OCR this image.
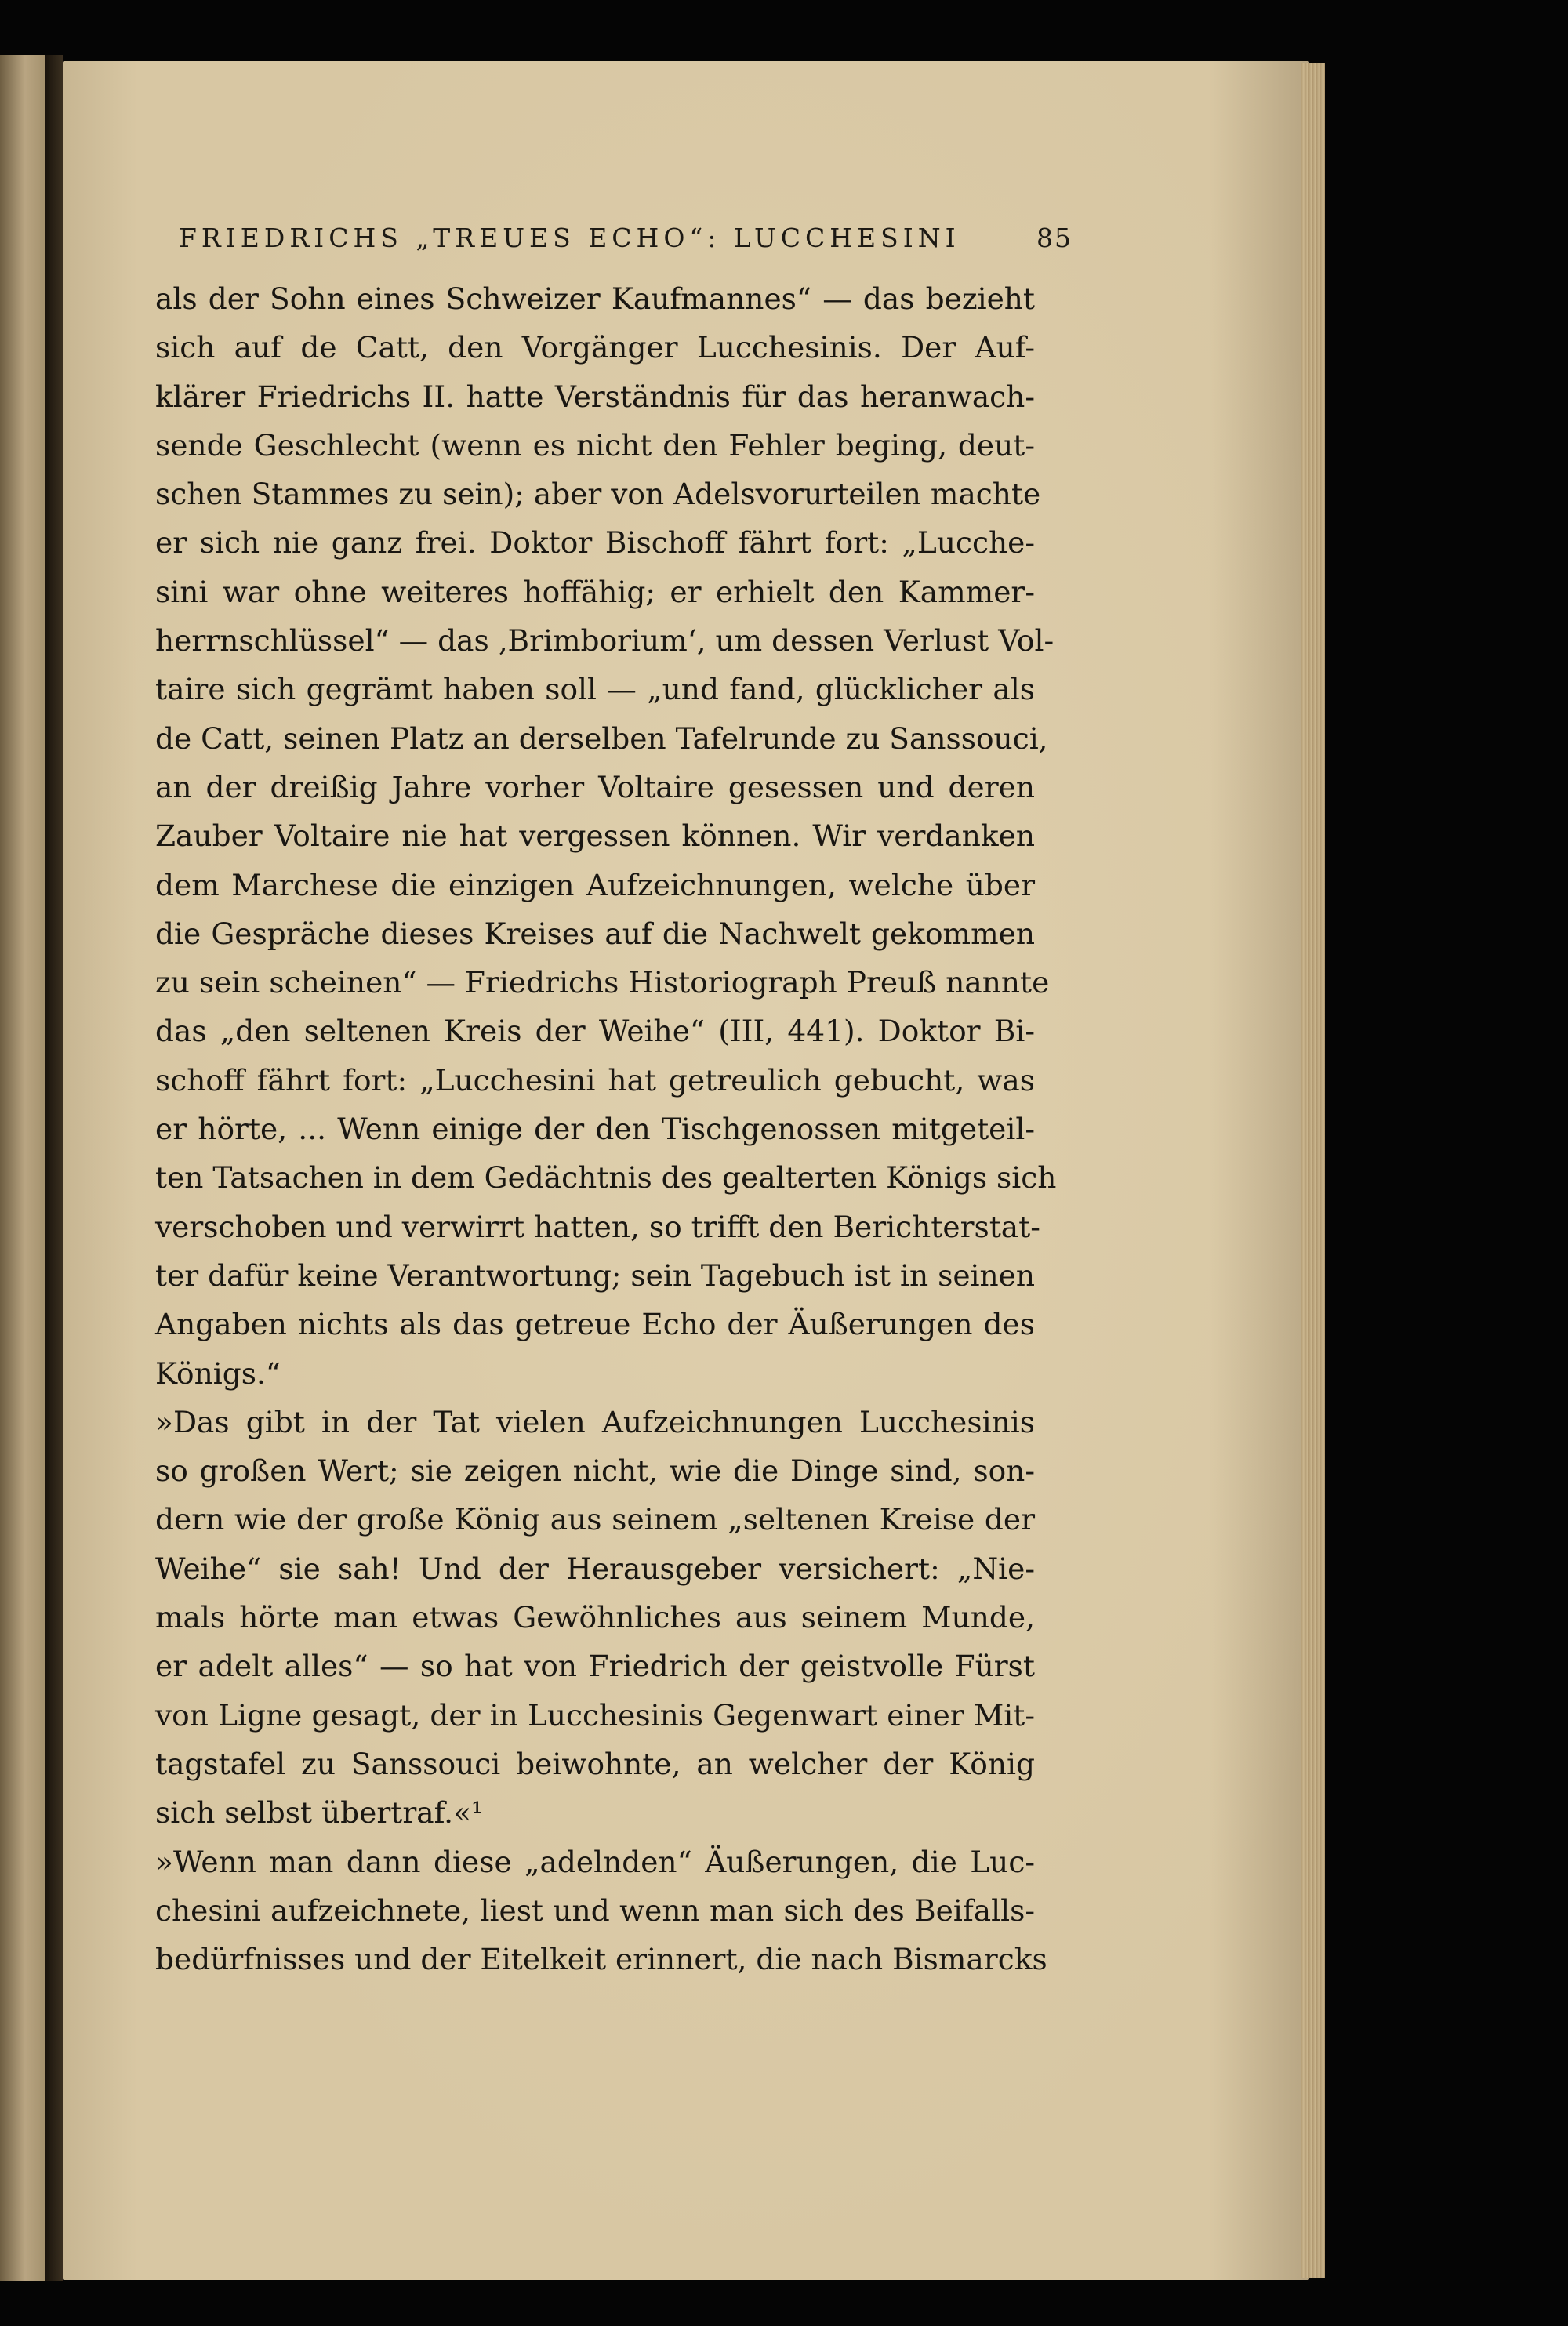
FRIEDRICHS „TREUES ECHO“: LUCCHESINI	85
als der Sohn eines Schweizer Kaufmannes“ — das bezieht
sich auf de Catt, den Vorgänger Lucchesinis. Der Auf-
klärer Friedrichs II. hatte Verständnis für das heranwach-
sende Geschlecht (wenn es nicht den Fehler beging, deut-
schen Stammes zu sein); aber von Adelsvorurteilen machte
er sich nie ganz frei. Doktor Bischoff fährt fort: „Lucche-
sini war ohne weiteres hoffähig; er erhielt den Kammer-
herrnschlüssel“ — das ‚Brimborium‘, um dessen Verlust Vol-
taire sich gegrämt haben soll — „und fand, glücklicher als
de Catt, seinen Platz an derselben Tafelrunde zu Sanssouci,
an der dreißig Jahre vorher Voltaire gesessen und deren
Zauber Voltaire nie hat vergessen können. Wir verdanken
dem Marchese die einzigen Aufzeichnungen, welche über
die Gespräche dieses Kreises auf die Nachwelt gekommen
zu sein scheinen“ — Friedrichs Historiograph Preuß nannte
das „den seltenen Kreis der Weihe“ (III, 441). Doktor Bi-
schoff fährt fort: „Lucchesini hat getreulich gebucht, was
er hörte, ... Wenn einige der den Tischgenossen mitgeteil-
ten Tatsachen in dem Gedächtnis des gealterten Königs sich
verschoben und verwirrt hatten, so trifft den Berichterstat-
ter dafür keine Verantwortung; sein Tagebuch ist in seinen
Angaben nichts als das getreue Echo der Äußerungen des
Königs.“
»Das gibt in der Tat vielen Aufzeichnungen Lucchesinis
so großen Wert; sie zeigen nicht, wie die Dinge sind, son-
dern wie der große König aus seinem „seltenen Kreise der
Weihe“ sie sah! Und der Herausgeber versichert: „Nie-
mals hörte man etwas Gewöhnliches aus seinem Munde,
er adelt alles“ — so hat von Friedrich der geistvolle Fürst
von Ligne gesagt, der in Lucchesinis Gegenwart einer Mit-
tagstafel zu Sanssouci beiwohnte, an welcher der König
sich selbst übertraf.«¹
»Wenn man dann diese „adelnden“ Äußerungen, die Luc-
chesini aufzeichnete, liest und wenn man sich des Beifalls-
bedürfnisses und der Eitelkeit erinnert, die nach Bismarcks
